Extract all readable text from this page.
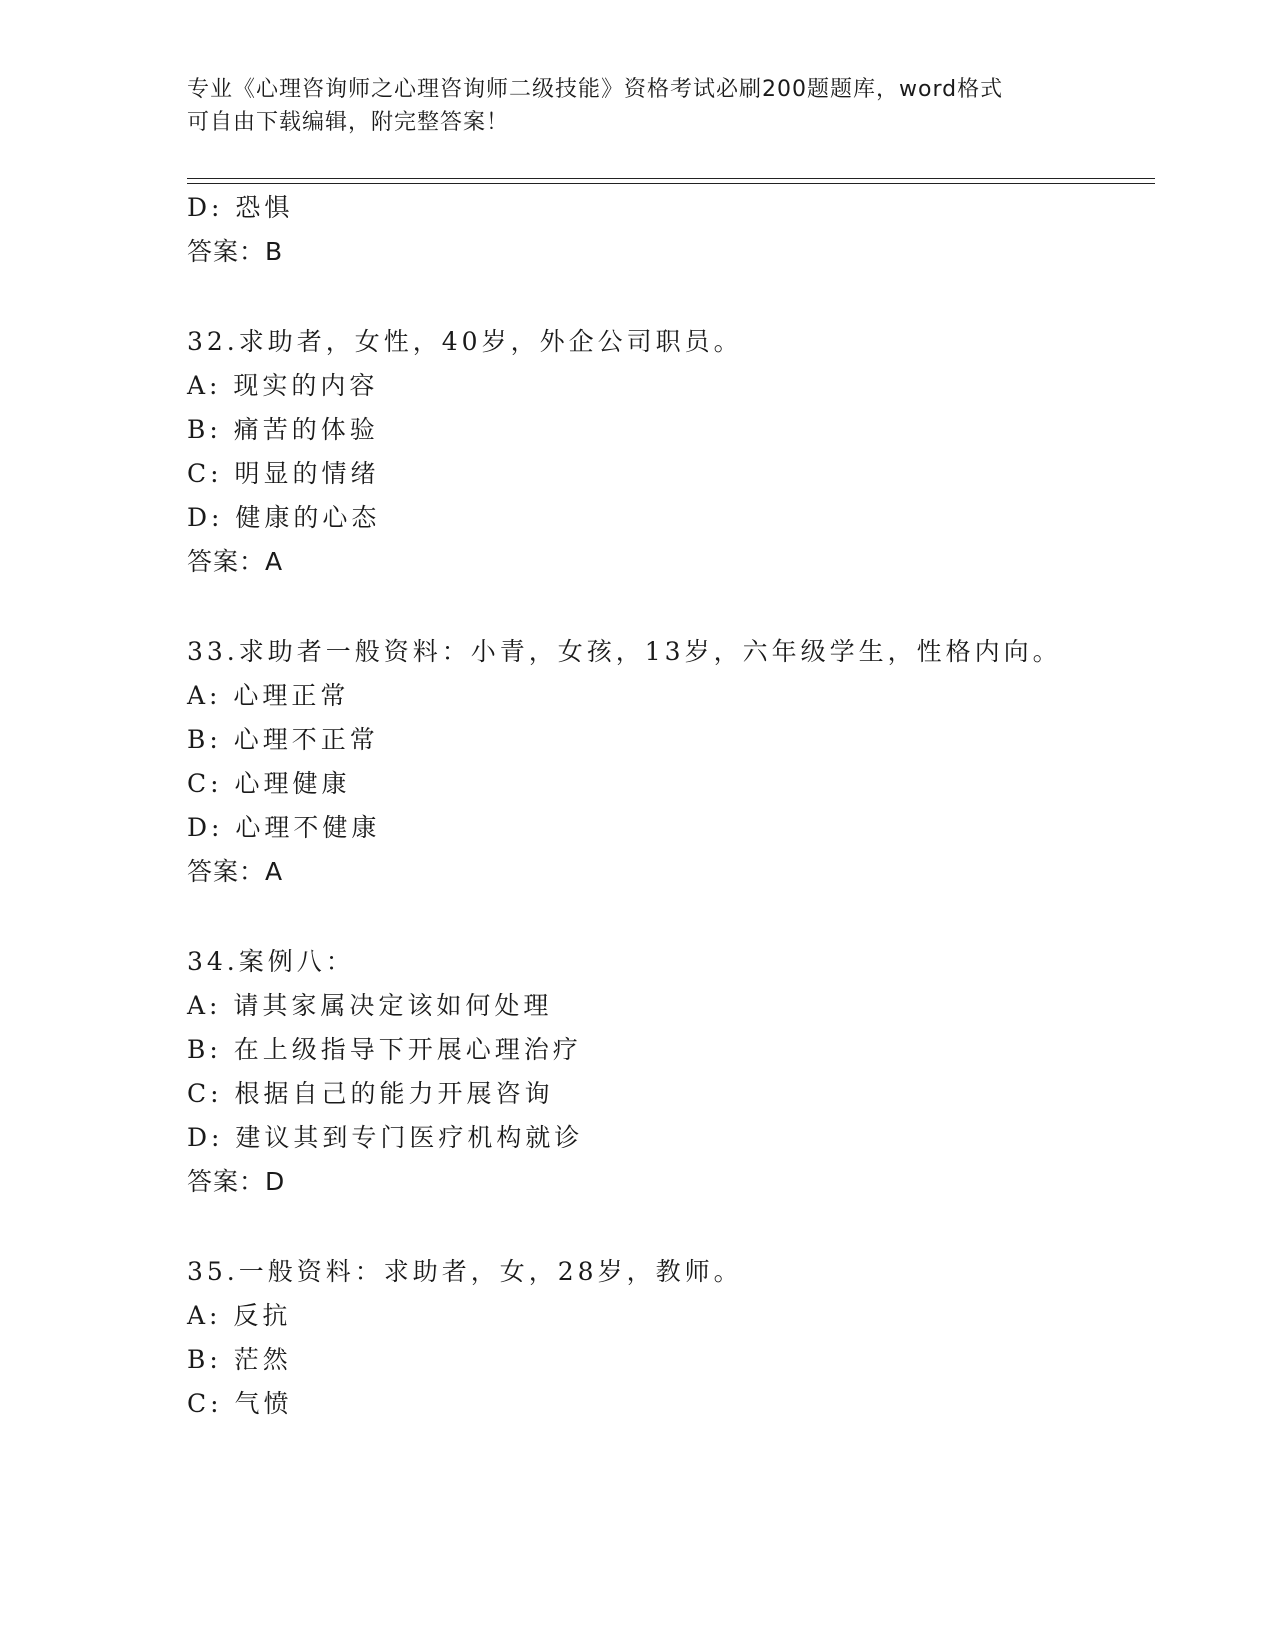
专业《心理咨询师之心理咨询师二级技能》资格考试必刷200题题库，word格式
可自由下载编辑，附完整答案！
D: 恐惧
答案：B
32.求助者，女性，40岁，外企公司职员。
A: 现实的内容
B: 痛苦的体验
C: 明显的情绪
D: 健康的心态
答案：A
33.求助者一般资料：小青，女孩，13岁，六年级学生，性格内向。
A: 心理正常
B: 心理不正常
C: 心理健康
D: 心理不健康
答案：A
34.案例八：
A: 请其家属决定该如何处理
B: 在上级指导下开展心理治疗
C: 根据自己的能力开展咨询
D: 建议其到专门医疗机构就诊
答案：D
35.一般资料：求助者，女，28岁，教师。
A: 反抗
B: 茫然
C: 气愤
